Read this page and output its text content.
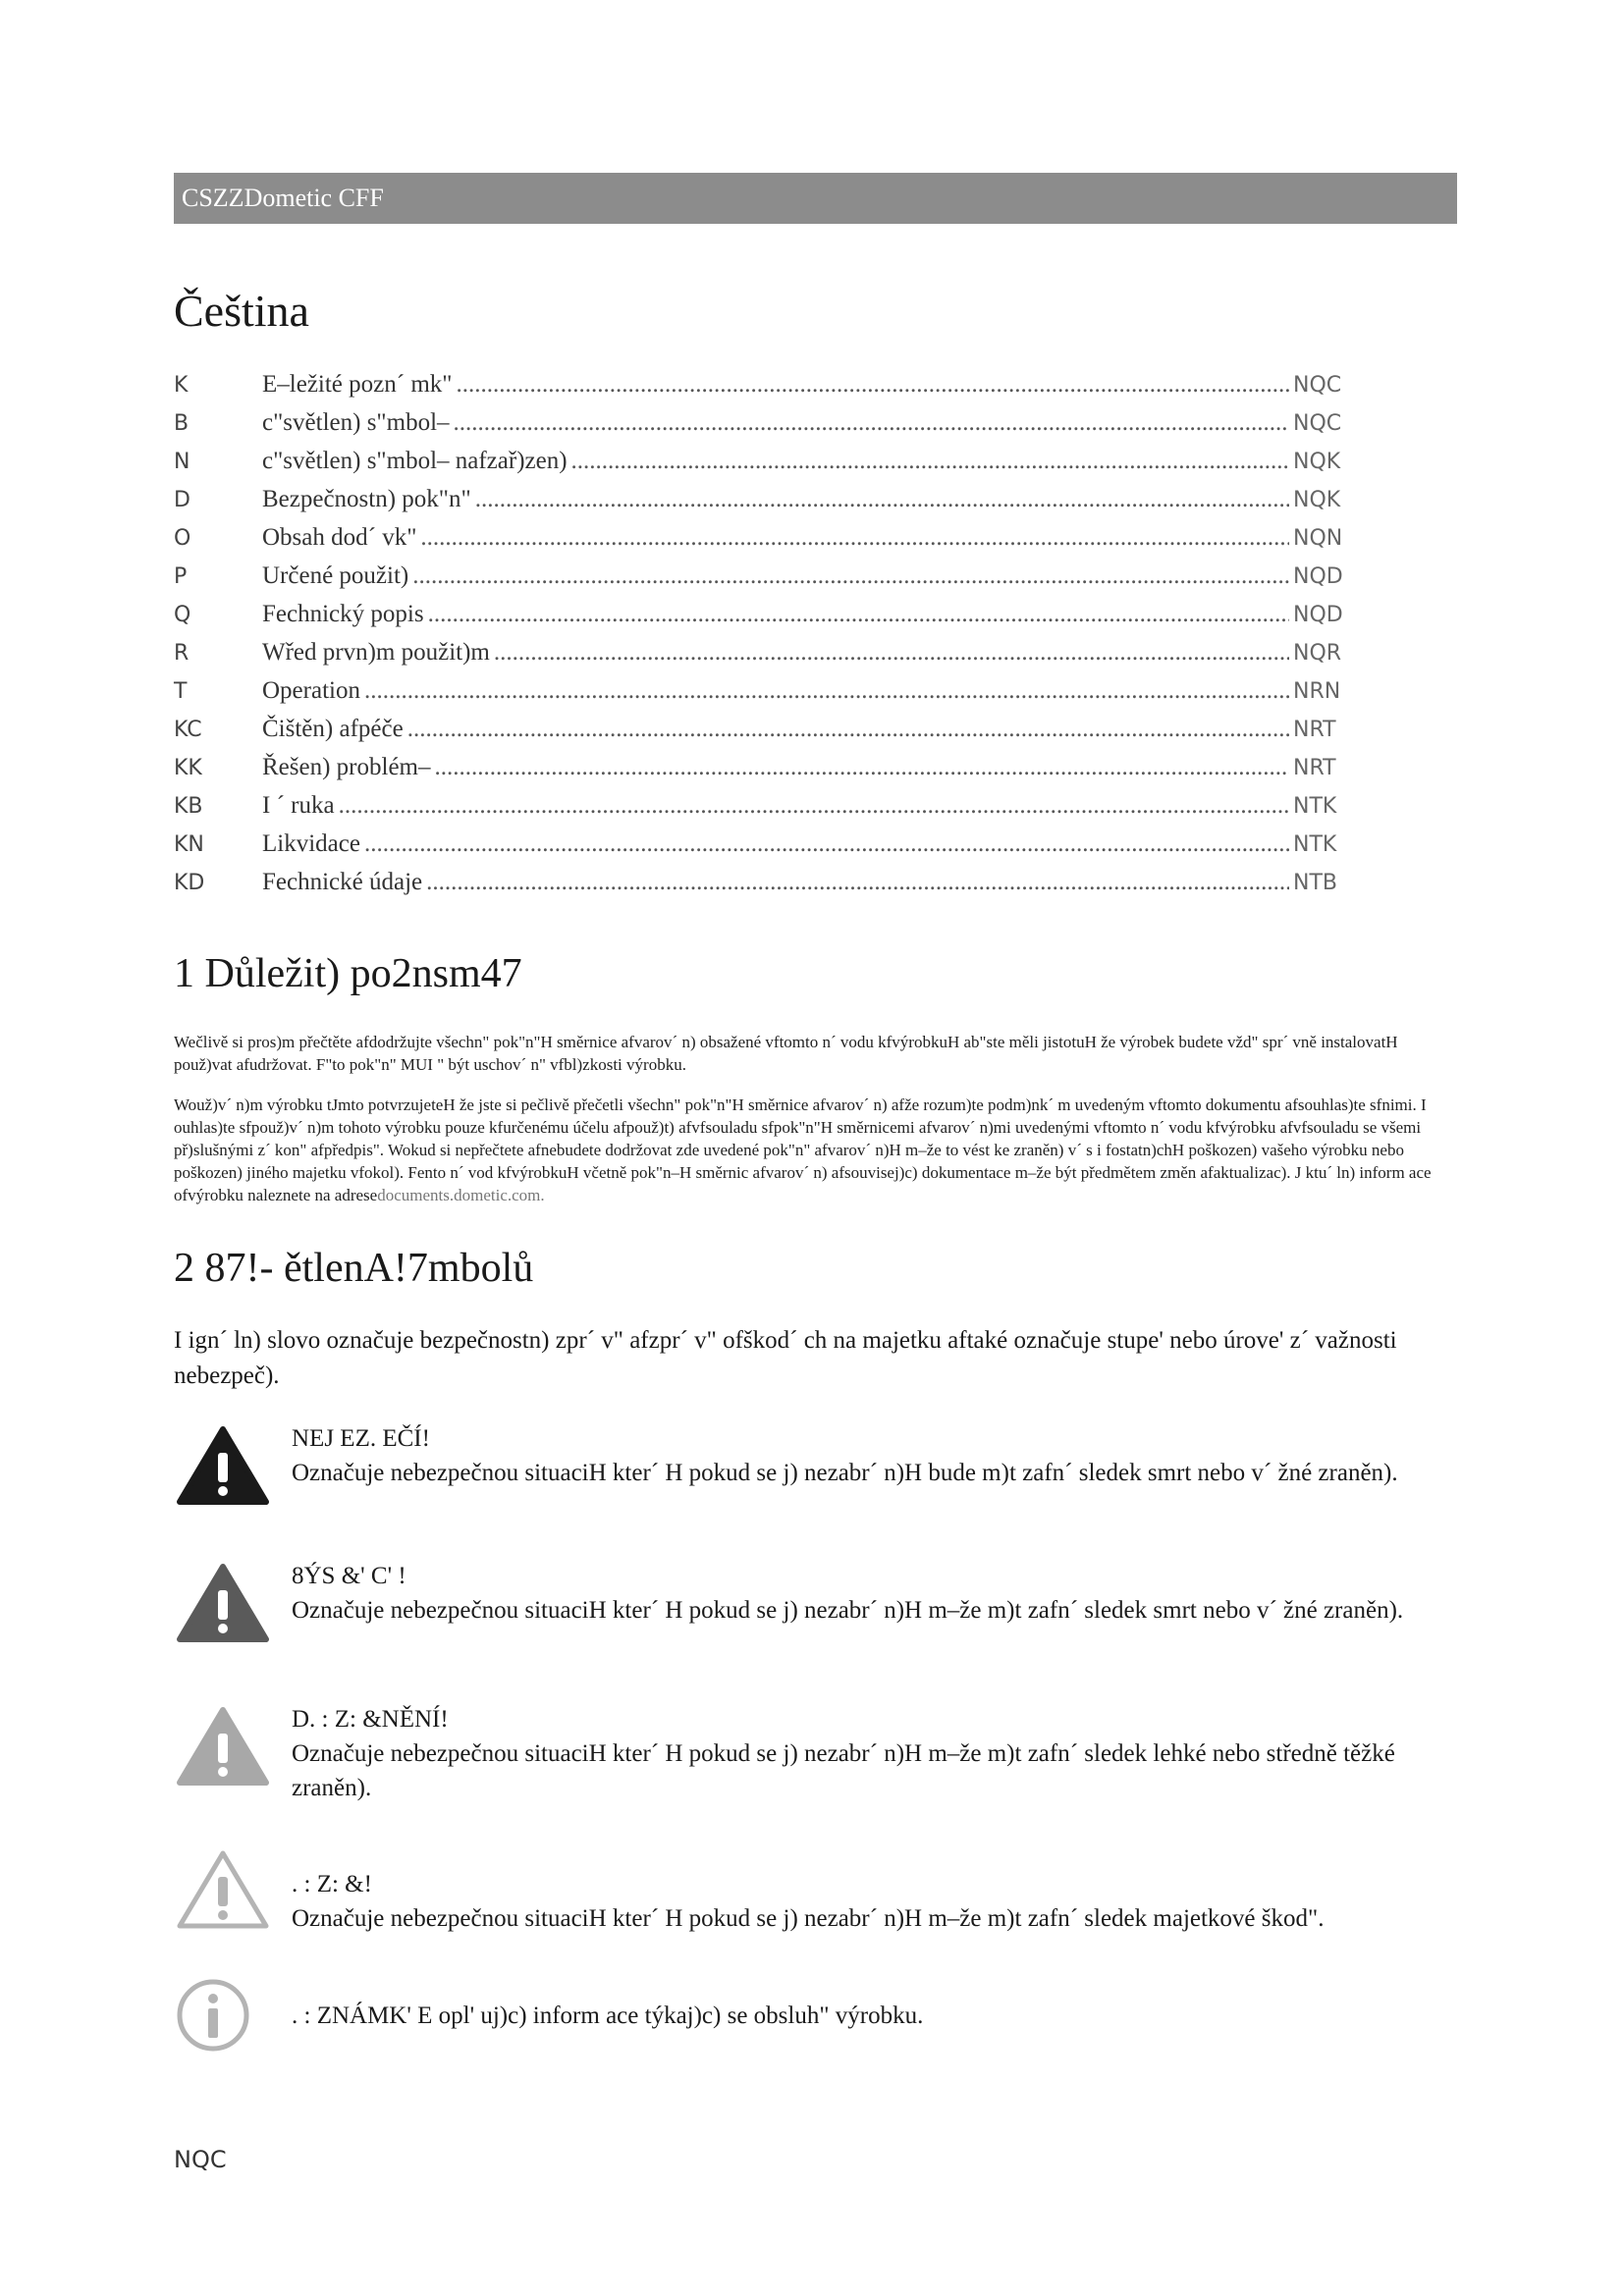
CSZZDometic CFF
Čeština
K	E–ležité pozn´ mk" .....	NQC
B	c"světlen) s"mbol– .....	NQC
N	c"světlen) s"mbol– nafzař)zen) .....	NQK
D	Bezpečnostn) pok"n" .....	NQK
O	Obsah dod´ vk" .....	NQN
P	Určené použit) .....	NQD
Q	Fechnický popis .....	NQD
R	Wřed prvn)m použit)m .....	NQR
T	Operation .....	NRN
KC	Čištěn) afpéče .....	NRT
KK	Řešen) problém– .....	NRT
KB	I ´ ruka .....	NTK
KN	Likvidace .....	NTK
KD	Fechnické údaje .....	NTB
1 Důležit) po2nsm47

Wečlivě si pros)m přečtěte afdodržujte všechn" pok"n"H směrnice afvarov´ n) obsažené vftomto n´ vodu kfvýrobkuH ab"ste měli jistotuH že výrobek budete vžd" spr´ vně instalovatH použ)vat afudržovat. F"to pok"n" MUI " být uschov´ n" vfbl)zkosti výrobku.

Wouž)v´ n)m výrobku tJmto potvrzujeteH že jste si pečlivě přečetli všechn" pok"n"H směrnice afvarov´ n) afže rozum)te podm)nk´ m uvedeným vftomto dokumentu afsouhlas)te sfnimi. I ouhlas)te sfpouž)v´ n)m tohoto výrobku pouze kfurčenému účelu afpouž)t) afvfsouladu sfpok"n"H směrnicemi afvarov´ n)mi uvedenými vftomto n´ vodu kfvýrobku afvfsouladu se všemi př)slušnými z´ kon" afpředpis". Wokud si nepřečtete afnebudete dodržovat zde uvedené pok"n" afvarov´ n)H m–že to vést ke zraněn) v´ s i fostatn)chH poškozen) vašeho výrobku nebo poškozen) jiného majetku vfokol). Fento n´ vod kfvýrobkuH včetně pok"n–H směrnic afvarov´ n) afsouvisej)c) dokumentace m–že být předmětem změn afaktualizac). J ktu´ ln) inform ace ofvýrobku naleznete na adresedocuments.dometic.com.

2 87!- ětlenA!7mbolů

I ign´ ln) slovo označuje bezpečnostn) zpr´ v" afzpr´ v" ofškod´ ch na majetku aftaké označuje stupe' nebo úrove' z´ važnosti nebezpeč).

NEJ EZ. EČÍ!
Označuje nebezpečnou situaciH kter´ H pokud se j) nezabr´ n)H bude m)t zafn´ sledek smrt nebo v´ žné zraněn).
8ÝS &' C' !
Označuje nebezpečnou situaciH kter´ H pokud se j) nezabr´ n)H m–že m)t zafn´ sledek smrt nebo v´ žné zraněn).
D. : Z: &NĚNÍ!
Označuje nebezpečnou situaciH kter´ H pokud se j) nezabr´ n)H m–že m)t zafn´ sledek lehké nebo středně těžké zraněn).
. : Z: &!
Označuje nebezpečnou situaciH kter´ H pokud se j) nezabr´ n)H m–že m)t zafn´ sledek majetkové škod".
. : ZNÁMK' E opl' uj)c) inform ace týkaj)c) se obsluh" výrobku.
NQC
